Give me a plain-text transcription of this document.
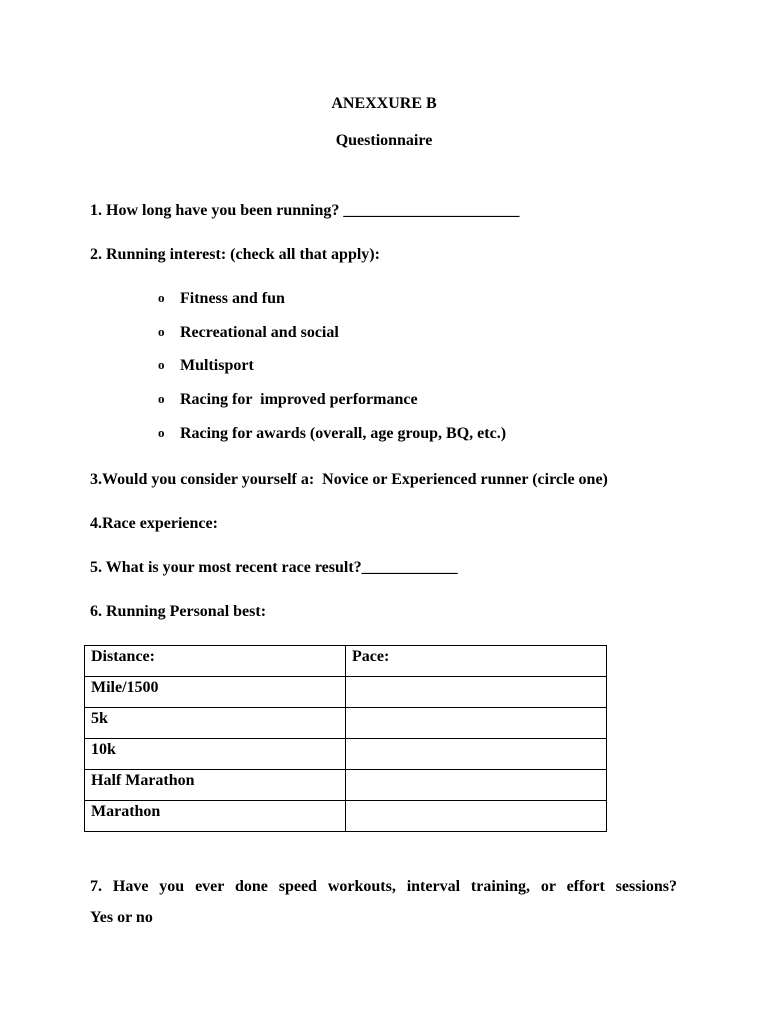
ANEXXURE B
Questionnaire
1. How long have you been running? ______________________
2. Running interest: (check all that apply):
o Fitness and fun
o Recreational and social
o Multisport
o Racing for  improved performance
o Racing for awards (overall, age group, BQ, etc.)
3.Would you consider yourself a:  Novice or Experienced runner (circle one)
4.Race experience:
5. What is your most recent race result?____________
6. Running Personal best:
Distance:	Pace:
Mile/1500	
5k	
10k	
Half Marathon	
Marathon	
7. Have you ever done speed workouts, interval training, or effort sessions?
Yes or no
